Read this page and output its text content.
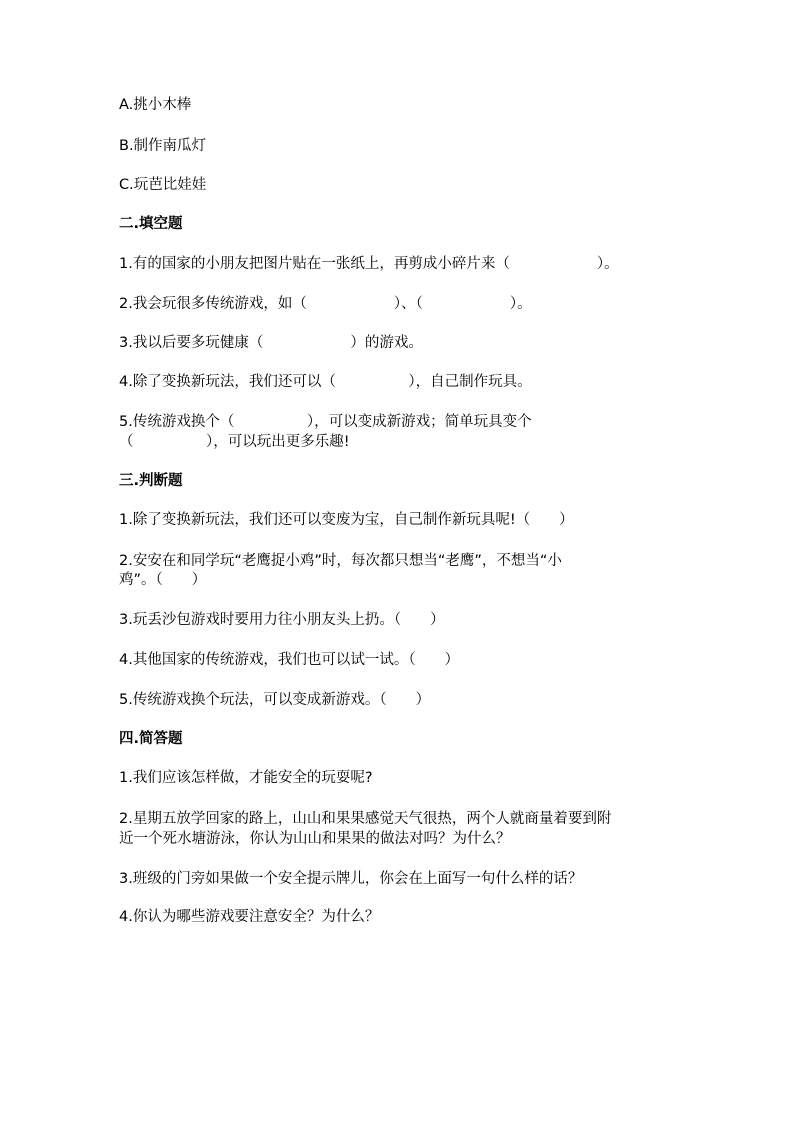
A.挑小木棒
B.制作南瓜灯
C.玩芭比娃娃
二.填空题
1.有的国家的小朋友把图片贴在一张纸上，再剪成小碎片来（　　　　　　）。
2.我会玩很多传统游戏，如（　　　　　　）、（　　　　　　）。
3.我以后要多玩健康（　　　　　　）的游戏。
4.除了变换新玩法，我们还可以（　　　　　），自己制作玩具。
5.传统游戏换个（　　　　　），可以变成新游戏；简单玩具变个
（　　　　　），可以玩出更多乐趣!
三.判断题
1.除了变换新玩法，我们还可以变废为宝，自己制作新玩具呢!（　　）
2.安安在和同学玩“老鹰捉小鸡”时，每次都只想当“老鹰”，不想当“小
鸡”。（　　）
3.玩丢沙包游戏时要用力往小朋友头上扔。（　　）
4.其他国家的传统游戏，我们也可以试一试。（　　）
5.传统游戏换个玩法，可以变成新游戏。（　　）
四.简答题
1.我们应该怎样做，才能安全的玩耍呢?
2.星期五放学回家的路上，山山和果果感觉天气很热，两个人就商量着要到附
近一个死水塘游泳，你认为山山和果果的做法对吗？为什么？
3.班级的门旁如果做一个安全提示牌儿，你会在上面写一句什么样的话？
4.你认为哪些游戏要注意安全？为什么？
